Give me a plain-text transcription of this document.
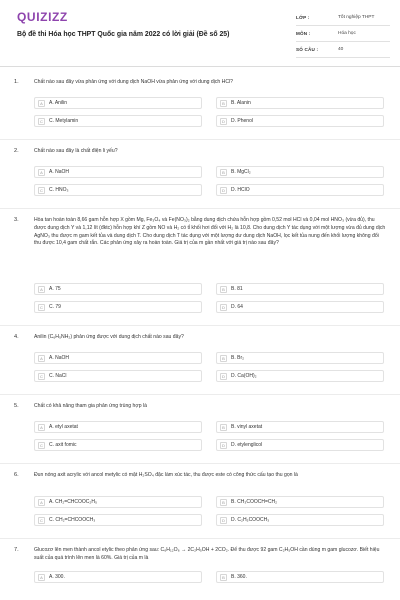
QUIZIZZ
Bộ đề thi Hóa học THPT Quốc gia năm 2022 có lời giải (Đề số 25)
LỚP :	Tốt nghiệp THPT
MÔN :	Hóa học
SỐ CÂU :	40
1.	Chất nào sau đây vừa phản ứng với dung dịch NaOH vừa phản ứng với dung dịch HCl?
A	A. Anilin	B	B. Alanin
C	C. Metylamin	D	D. Phenol
2.	Chất nào sau đây là chất điện li yếu?
A	A. NaOH	B	B. MgCl₂
C	C. HNO₃	D	D. HClO
3.	Hòa tan hoàn toàn 8,66 gam hỗn hợp X gồm Mg, Fe₃O₄ và Fe(NO₃)₂ bằng dung dịch chứa hỗn hợp gồm 0,52 mol HCl và 0,04 mol HNO₃ (vừa đủ), thu được dung dịch Y và 1,12 lít (đktc) hỗn hợp khí Z gồm NO và H₂ có tỉ khối hơi đối với H₂ là 10,8. Cho dung dịch Y tác dụng với một lượng vừa đủ dung dịch AgNO₃ thu được m gam kết tủa và dung dịch T. Cho dung dịch T tác dụng với một lượng dư dung dịch NaOH, lọc kết tủa nung đến khối lượng không đổi thu được 10,4 gam chất rắn. Các phản ứng xảy ra hoàn toàn. Giá trị của m gần nhất với giá trị nào sau đây?
A	A. 75	B	B. 81
C	C. 79	D	D. 64
4.	Anilin (C₆H₅NH₂) phản ứng được với dung dịch chất nào sau đây?
A	A. NaOH	B	B. Br₂
C	C. NaCl	D	D. Ca(OH)₂
5.	Chất có khả năng tham gia phản ứng trùng hợp là
A	A. etyl axetat	B	B. vinyl axetat
C	C. axit fomic	D	D. etylenglicol
6.	Đun nóng axit acrylic với ancol metylic có mặt H₂SO₄ đặc làm xúc tác, thu được este có công thức cấu tạo thu gọn là
A	A. CH₂=CHCOOC₂H₅	B	B. CH₃COOCH=CH₂
C	C. CH₂=CHCOOCH₃	D	D. C₂H₅COOCH₃
7.	Glucozơ lên men thành ancol etylic theo phản ứng sau: C₆H₁₂O₆ → 2C₂H₅OH + 2CO₂. Để thu được 92 gam C₂H₅OH cần dùng m gam glucozơ. Biết hiệu suất của quá trình lên men là 60%. Giá trị của m là
A	A. 300.	B	B. 360.
